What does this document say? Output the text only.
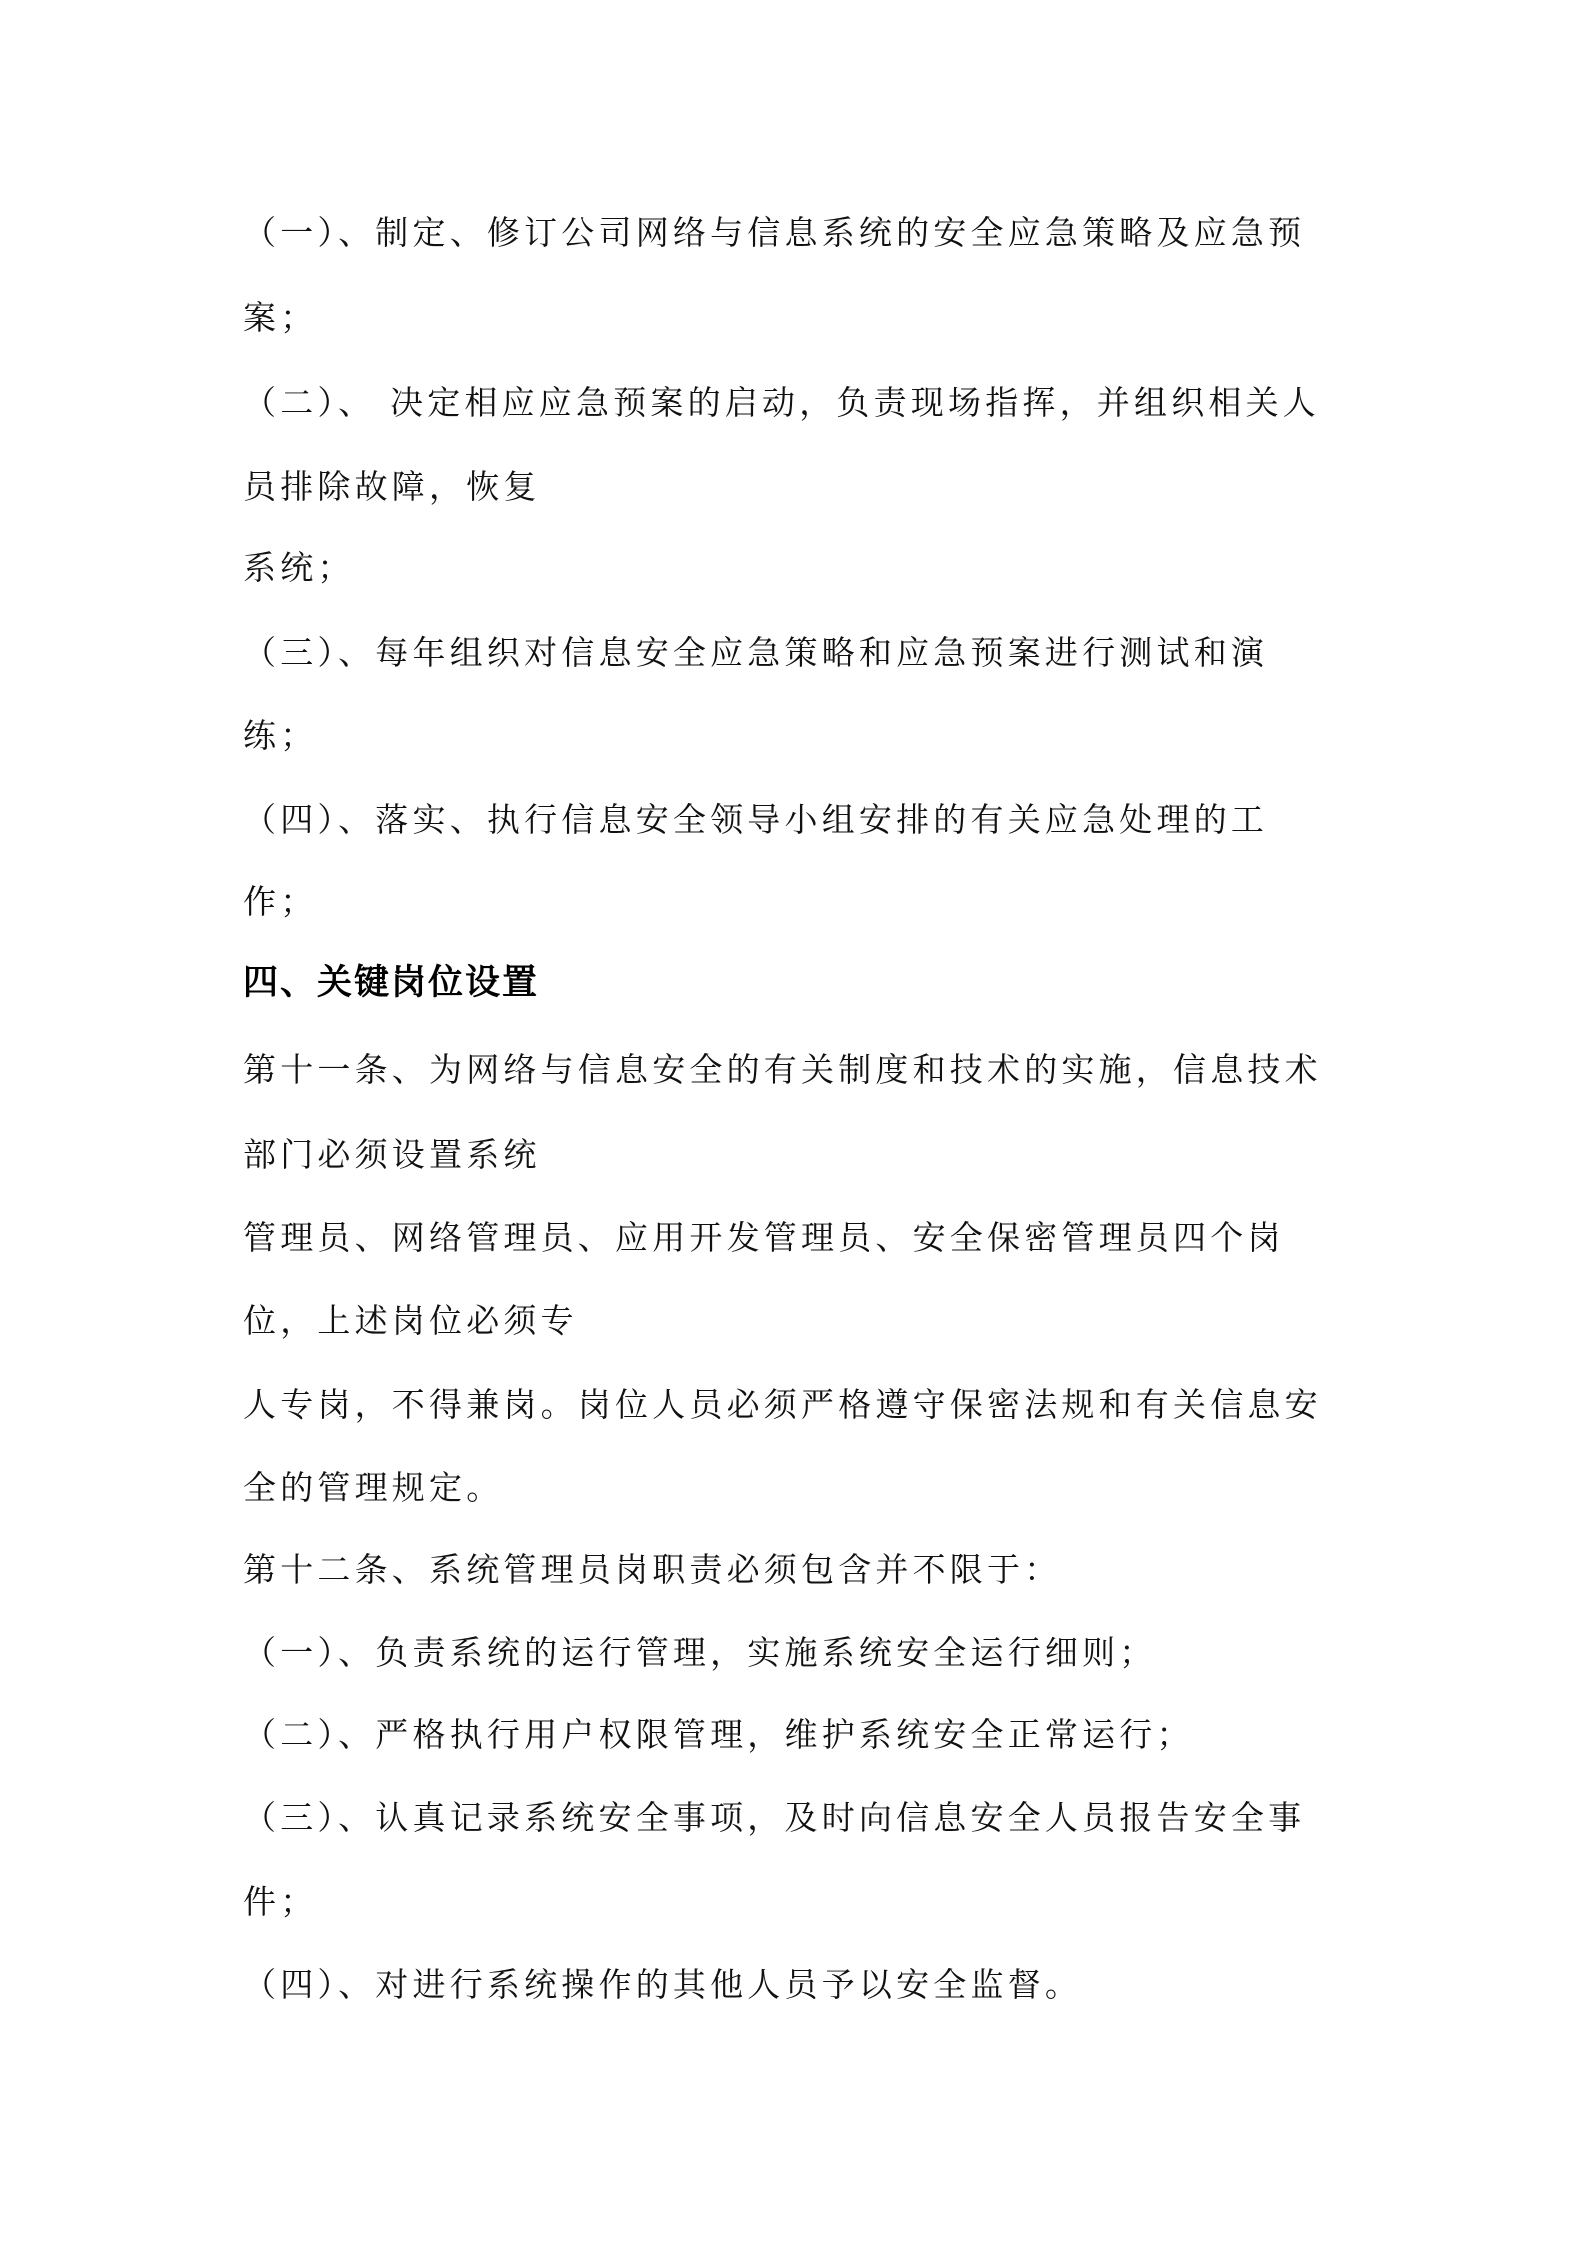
（一）、制定、修订公司网络与信息系统的安全应急策略及应急预
案；
（二）、 决定相应应急预案的启动，负责现场指挥，并组织相关人
员排除故障，恢复
系统；
（三）、每年组织对信息安全应急策略和应急预案进行测试和演
练；
（四）、落实、执行信息安全领导小组安排的有关应急处理的工
作；
四、关键岗位设置
第十一条、为网络与信息安全的有关制度和技术的实施，信息技术
部门必须设置系统
管理员、网络管理员、应用开发管理员、安全保密管理员四个岗
位，上述岗位必须专
人专岗，不得兼岗。岗位人员必须严格遵守保密法规和有关信息安
全的管理规定。
第十二条、系统管理员岗职责必须包含并不限于：
（一）、负责系统的运行管理，实施系统安全运行细则；
（二）、严格执行用户权限管理，维护系统安全正常运行；
（三）、认真记录系统安全事项，及时向信息安全人员报告安全事
件；
（四）、对进行系统操作的其他人员予以安全监督。
